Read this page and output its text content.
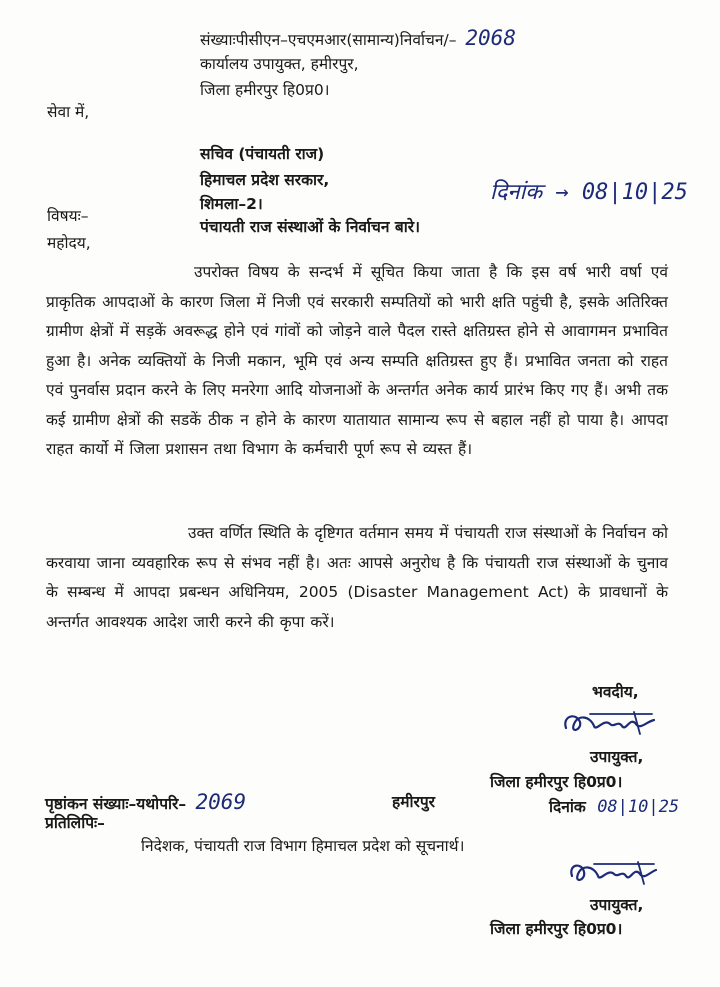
संख्याःपीसीएन–एचएमआर(सामान्य)निर्वाचन/– 2068
कार्यालय उपायुक्त, हमीरपुर,
जिला हमीरपुर हि0प्र0।
सेवा में,
सचिव (पंचायती राज)
हिमाचल प्रदेश सरकार,
शिमला–2।	दिनांक → 08|10|25
विषयः–
पंचायती राज संस्थाओं के निर्वाचन बारे।
महोदय,
उपरोक्त विषय के सन्दर्भ में सूचित किया जाता है कि इस वर्ष भारी वर्षा एवं प्राकृतिक आपदाओं के कारण जिला में निजी एवं सरकारी सम्पतियों को भारी क्षति पहुंची है, इसके अतिरिक्त ग्रामीण क्षेत्रों में सड़कें अवरूद्ध होने एवं गांवों को जोड़ने वाले पैदल रास्ते क्षतिग्रस्त होने से आवागमन प्रभावित हुआ है। अनेक व्यक्तियों के निजी मकान, भूमि एवं अन्य सम्पति क्षतिग्रस्त हुए हैं। प्रभावित जनता को राहत एवं पुनर्वास प्रदान करने के लिए मनरेगा आदि योजनाओं के अन्तर्गत अनेक कार्य प्रारंभ किए गए हैं। अभी तक कई ग्रामीण क्षेत्रों की सडकें ठीक न होने के कारण यातायात सामान्य रूप से बहाल नहीं हो पाया है। आपदा राहत कार्यो में जिला प्रशासन तथा विभाग के कर्मचारी पूर्ण रूप से व्यस्त हैं।
उक्त वर्णित स्थिति के दृष्टिगत वर्तमान समय में पंचायती राज संस्थाओं के निर्वाचन को करवाया जाना व्यवहारिक रूप से संभव नहीं है। अतः आपसे अनुरोध है कि पंचायती राज संस्थाओं के चुनाव के सम्बन्ध में आपदा प्रबन्धन अधिनियम, 2005 (Disaster Management Act) के प्रावधानों के अन्तर्गत आवश्यक आदेश जारी करने की कृपा करें।
भवदीय,
उपायुक्त,
जिला हमीरपुर हि0प्र0।
पृष्ठांकन संख्याः–यथोपरि– 2069	हमीरपुर	दिनांक 08|10|25
प्रतिलिपिः–
निदेशक, पंचायती राज विभाग हिमाचल प्रदेश को सूचनार्थ।
उपायुक्त,
जिला हमीरपुर हि0प्र0।
